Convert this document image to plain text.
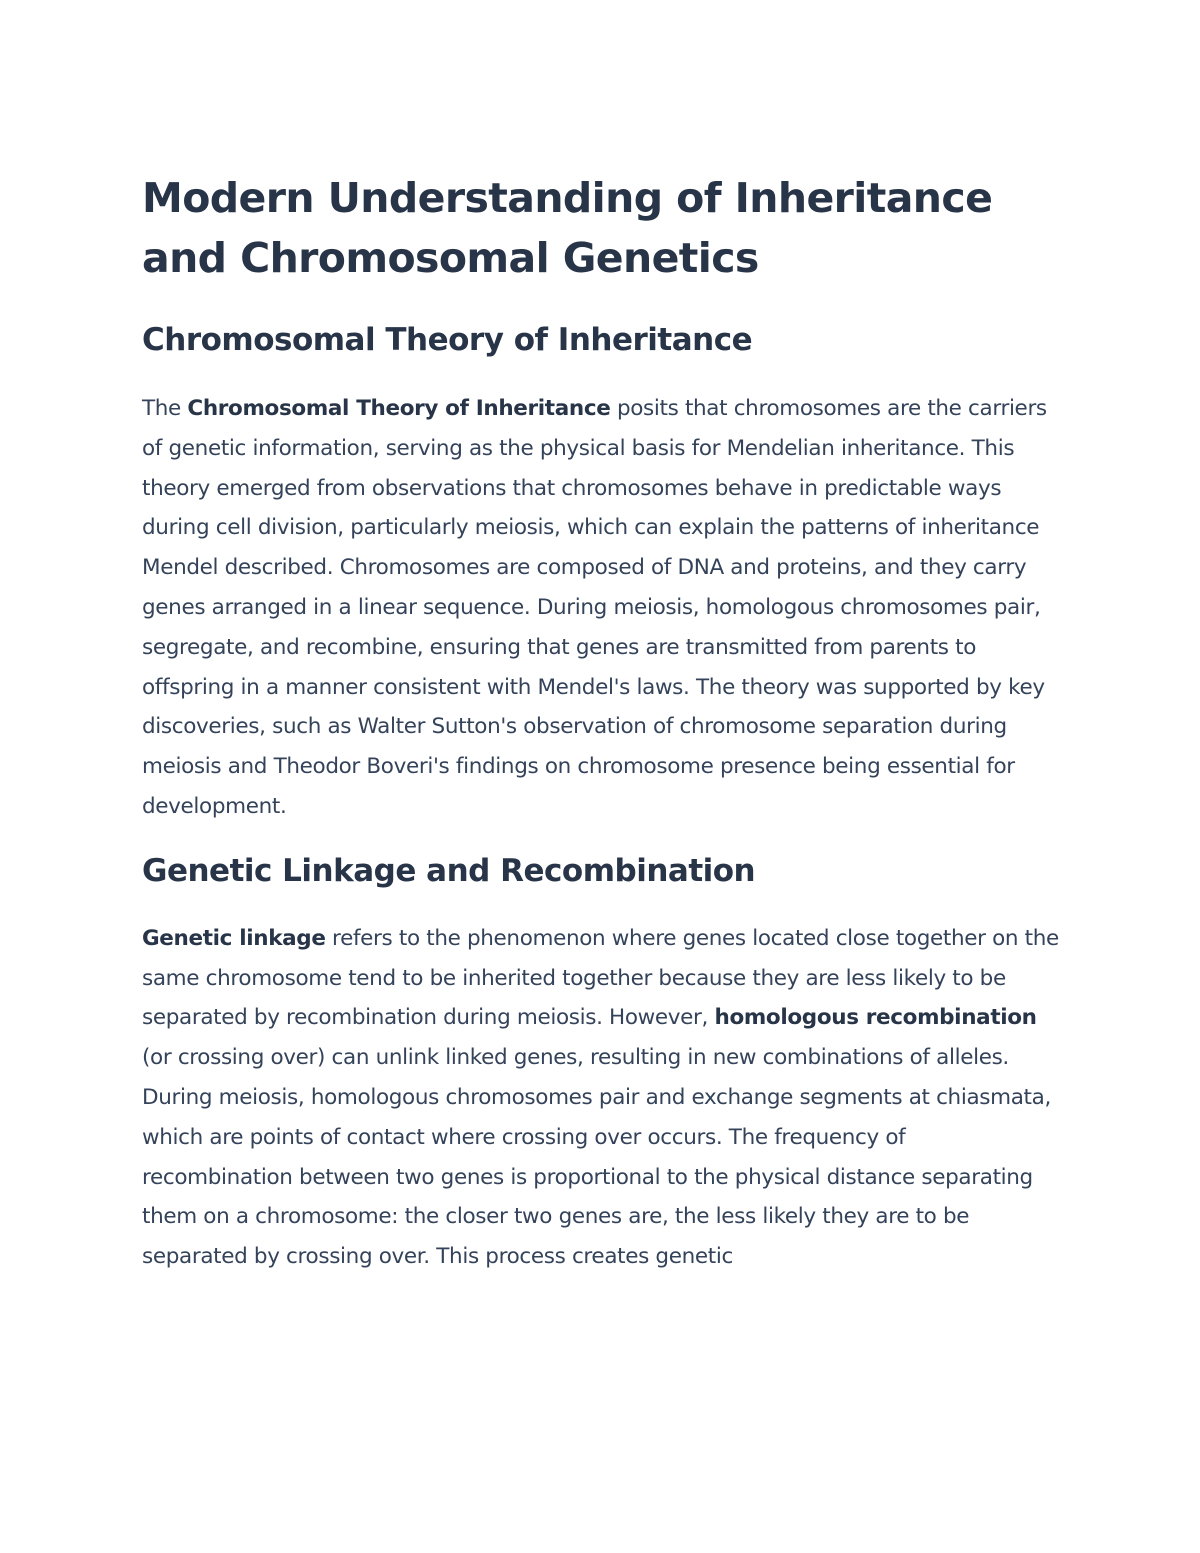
Modern Understanding of Inheritance and Chromosomal Genetics
Chromosomal Theory of Inheritance

The Chromosomal Theory of Inheritance posits that chromosomes are the carriers of genetic information, serving as the physical basis for Mendelian inheritance. This theory emerged from observations that chromosomes behave in predictable ways during cell division, particularly meiosis, which can explain the patterns of inheritance Mendel described. Chromosomes are composed of DNA and proteins, and they carry genes arranged in a linear sequence. During meiosis, homologous chromosomes pair, segregate, and recombine, ensuring that genes are transmitted from parents to offspring in a manner consistent with Mendel's laws. The theory was supported by key discoveries, such as Walter Sutton's observation of chromosome separation during meiosis and Theodor Boveri's findings on chromosome presence being essential for development.

Genetic Linkage and Recombination

Genetic linkage refers to the phenomenon where genes located close together on the same chromosome tend to be inherited together because they are less likely to be separated by recombination during meiosis. However, homologous recombination (or crossing over) can unlink linked genes, resulting in new combinations of alleles. During meiosis, homologous chromosomes pair and exchange segments at chiasmata, which are points of contact where crossing over occurs. The frequency of recombination between two genes is proportional to the physical distance separating them on a chromosome: the closer two genes are, the less likely they are to be separated by crossing over. This process creates genetic
